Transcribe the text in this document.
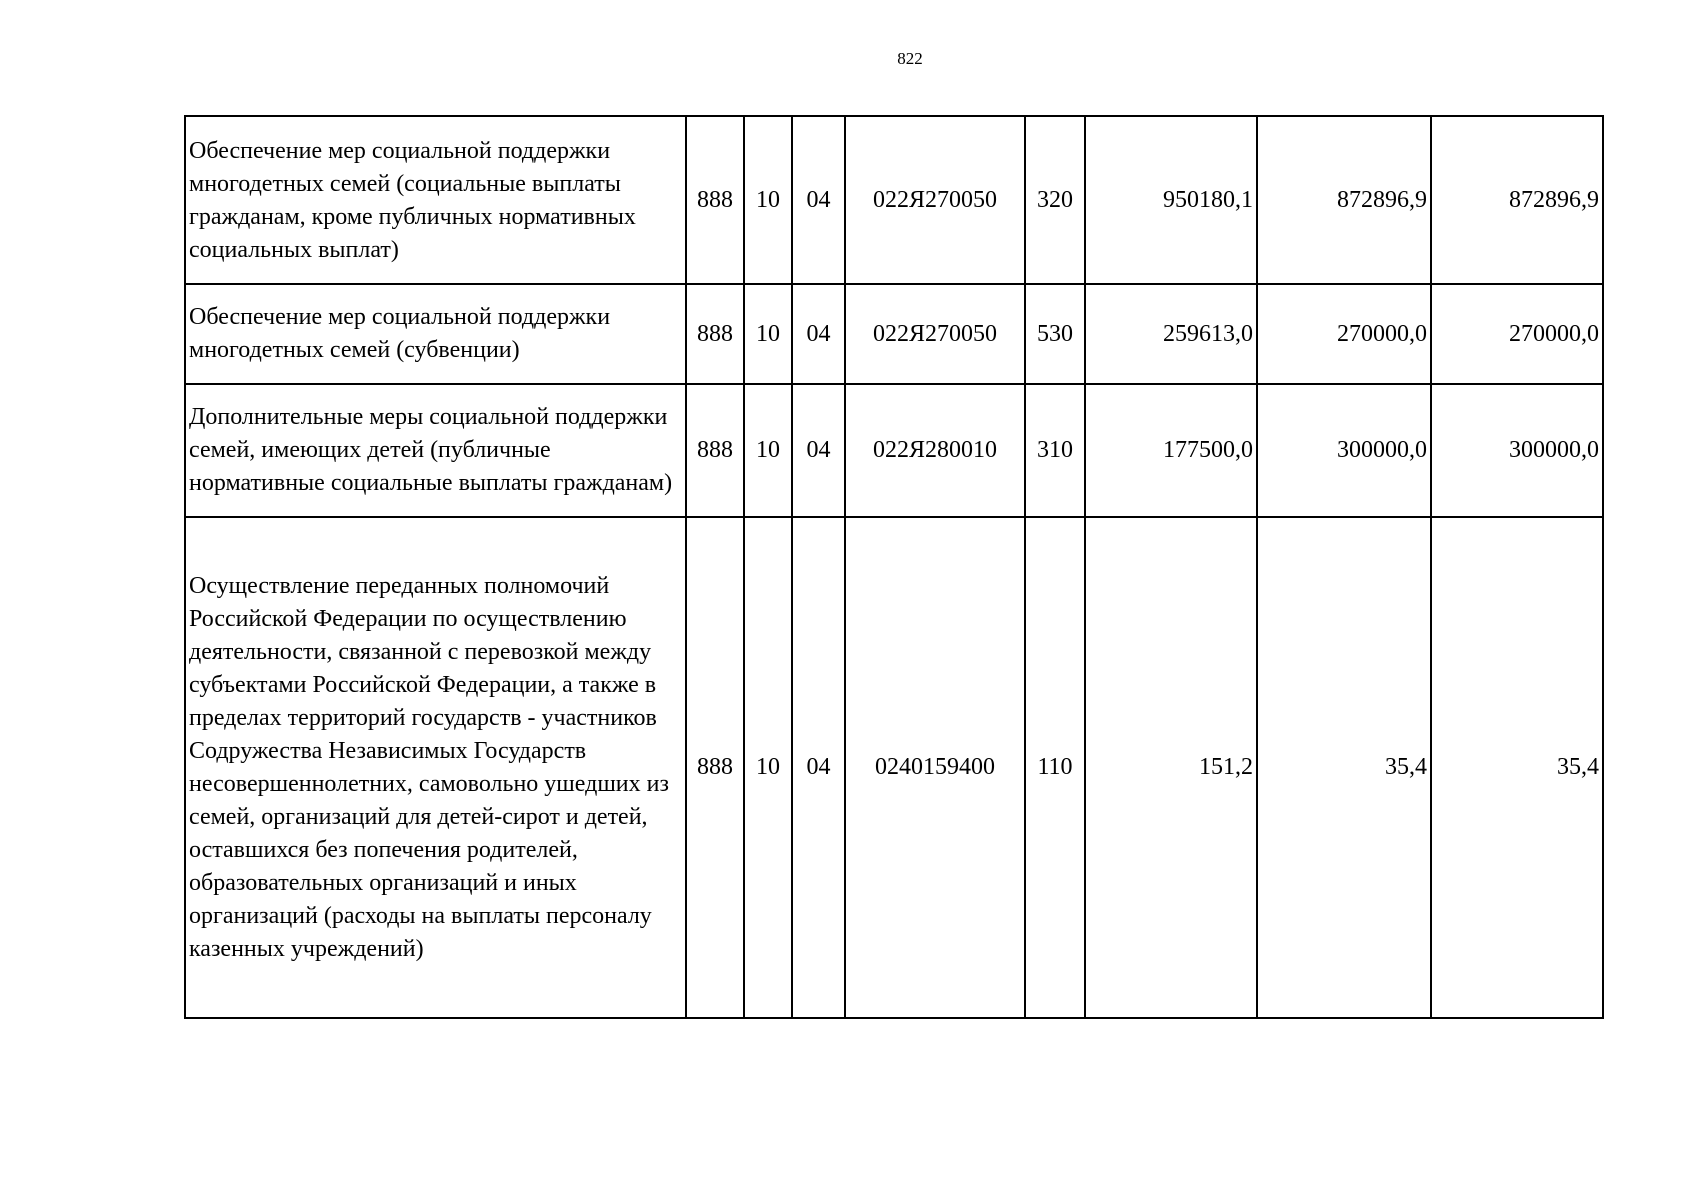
822
Обеспечение мер социальной поддержки многодетных семей (социальные выплаты гражданам, кроме публичных нормативных социальных выплат)	888	10	04	022Я270050	320	950180,1	872896,9	872896,9
Обеспечение мер социальной поддержки многодетных семей (субвенции)	888	10	04	022Я270050	530	259613,0	270000,0	270000,0
Дополнительные меры социальной поддержки семей, имеющих детей (публичные нормативные социальные выплаты гражданам)	888	10	04	022Я280010	310	177500,0	300000,0	300000,0
Осуществление переданных полномочий Российской Федерации по осуществлению деятельности, связанной с перевозкой между субъектами Российской Федерации, а также в пределах территорий государств - участников Содружества Независимых Государств несовершеннолетних, самовольно ушедших из семей, организаций для детей-сирот и детей, оставшихся без попечения родителей, образовательных организаций и иных организаций (расходы на выплаты персоналу казенных учреждений)	888	10	04	0240159400	110	151,2	35,4	35,4
